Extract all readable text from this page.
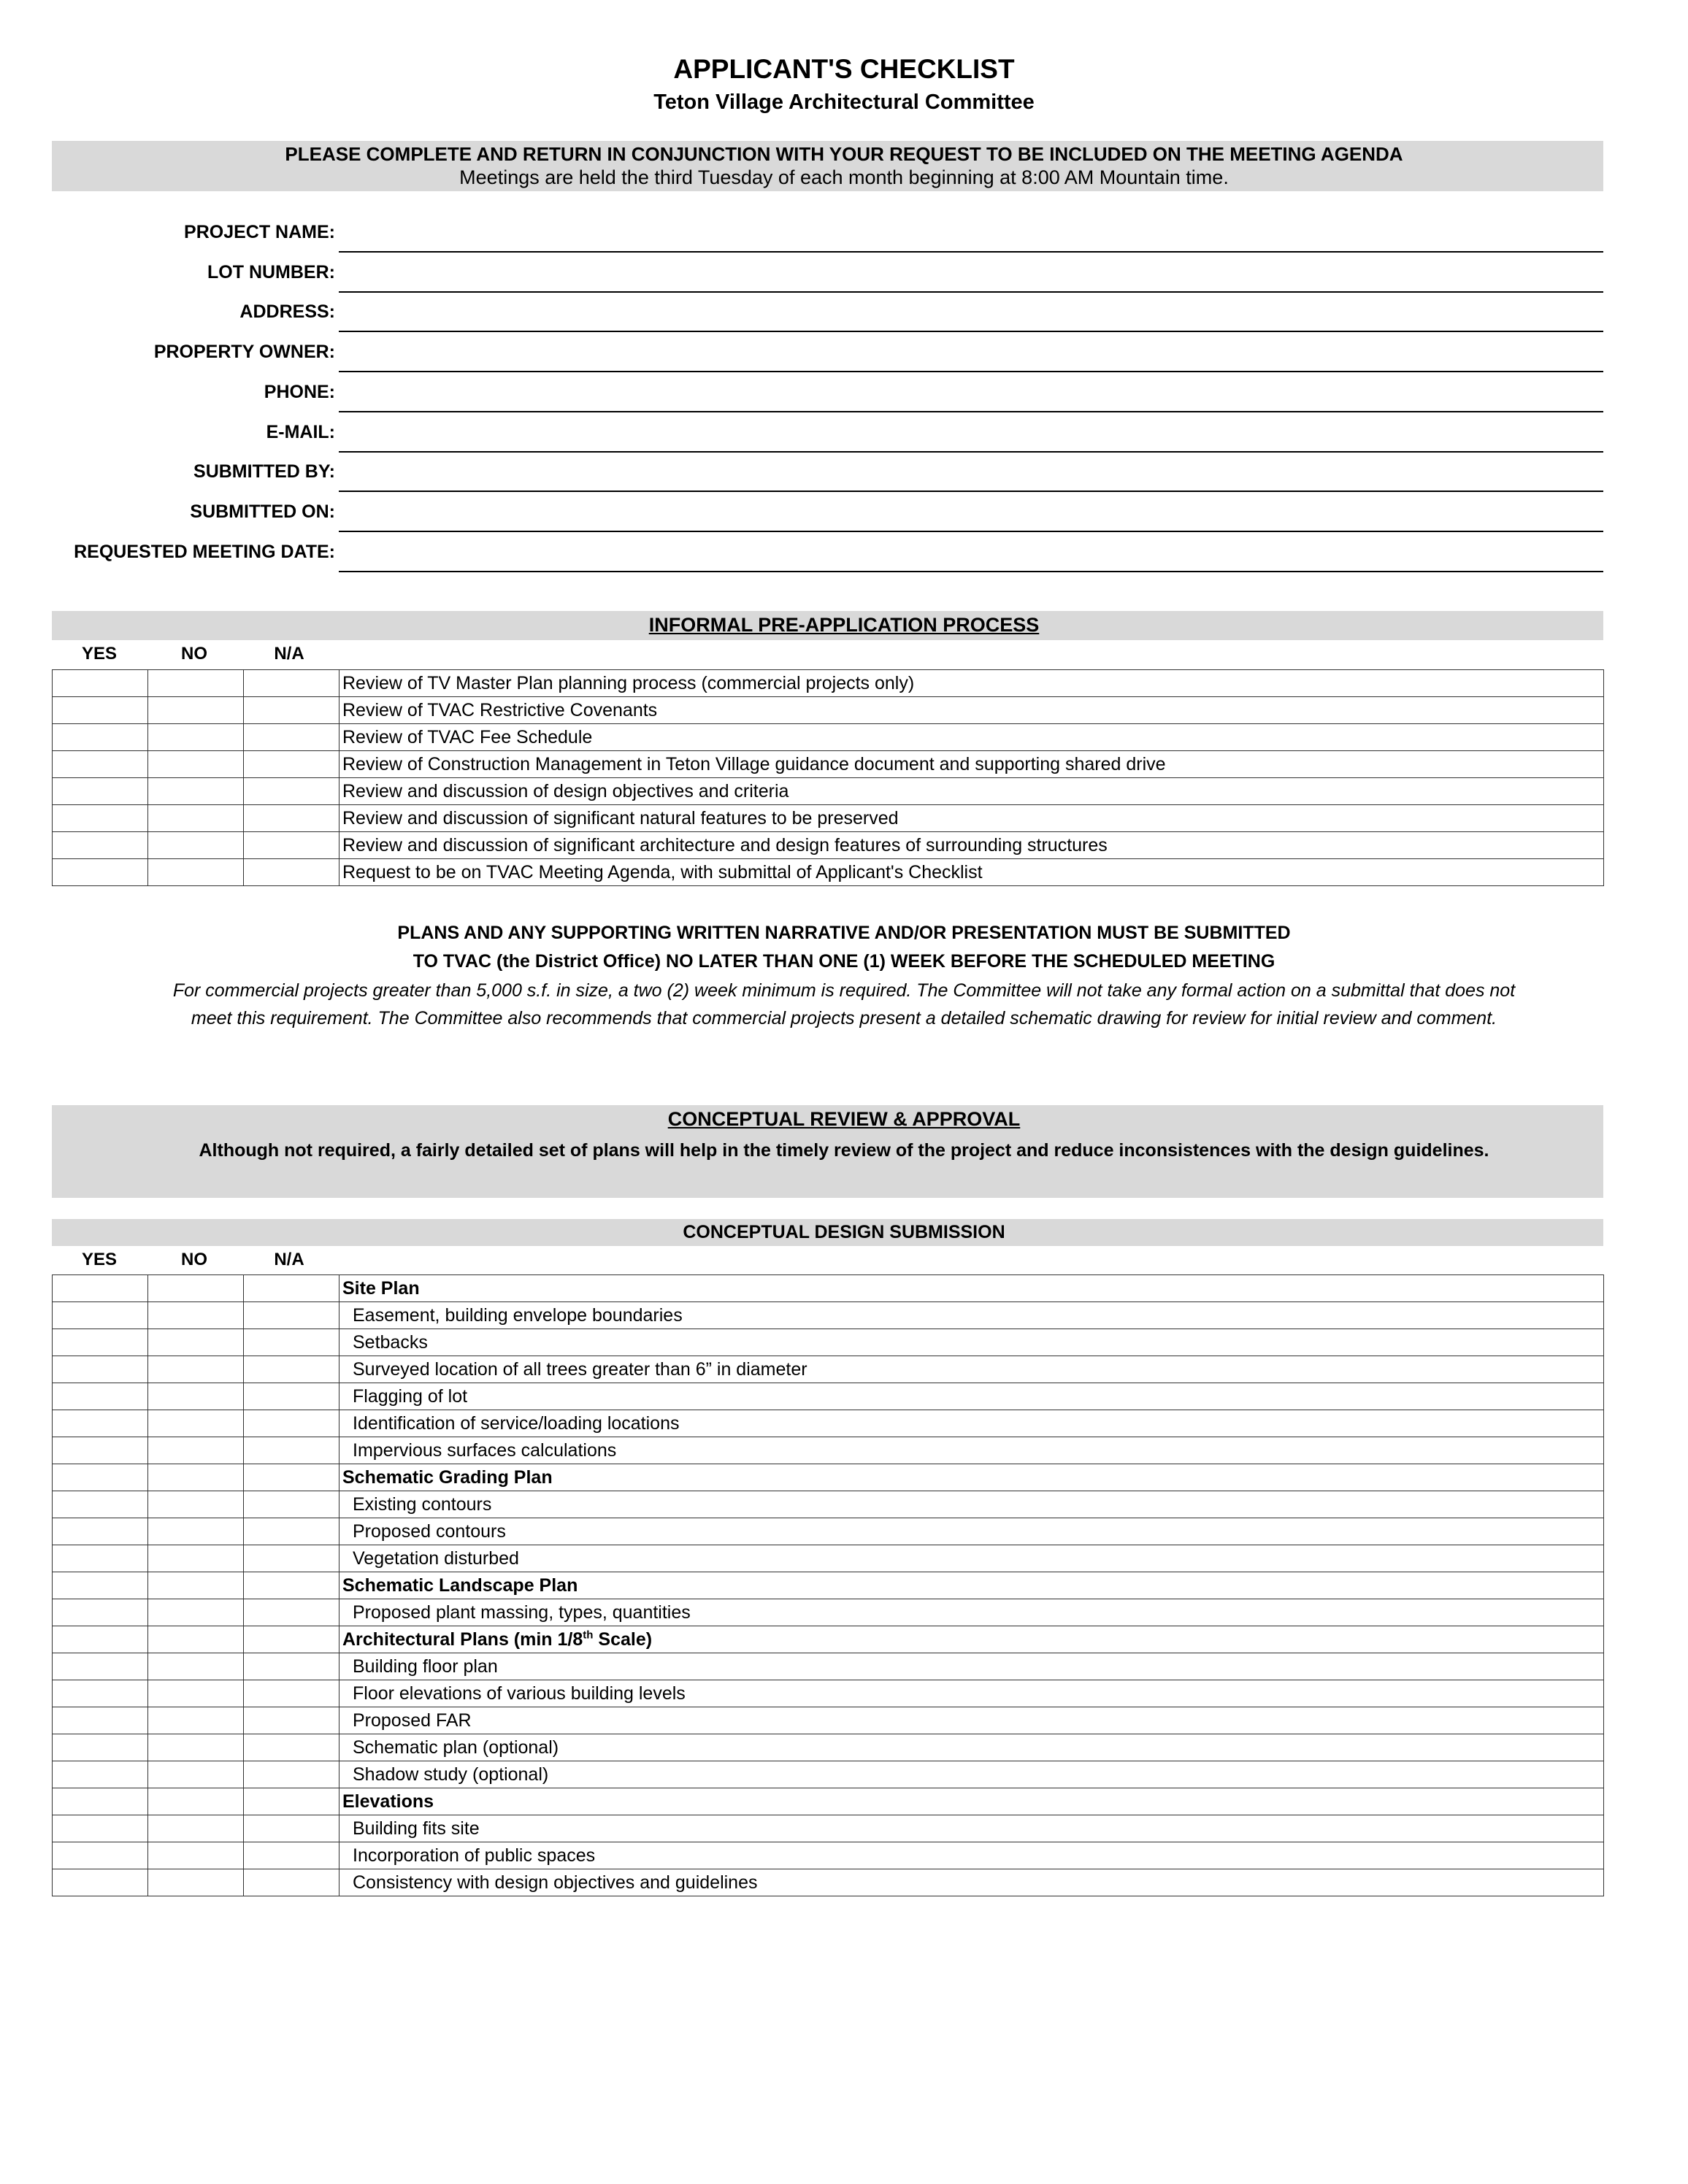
APPLICANT'S CHECKLIST
Teton Village Architectural Committee
PLEASE COMPLETE AND RETURN IN CONJUNCTION WITH YOUR REQUEST TO BE INCLUDED ON THE MEETING AGENDA
Meetings are held the third Tuesday of each month beginning at 8:00 AM Mountain time.
PROJECT NAME:
LOT NUMBER:
ADDRESS:
PROPERTY OWNER:
PHONE:
E-MAIL:
SUBMITTED BY:
SUBMITTED ON:
REQUESTED MEETING DATE:
INFORMAL PRE-APPLICATION PROCESS
YES	NO	N/A
			Review of TV Master Plan planning process (commercial projects only)
			Review of TVAC Restrictive Covenants
			Review of TVAC Fee Schedule
			Review of Construction Management in Teton Village guidance document and supporting shared drive
			Review and discussion of design objectives and criteria
			Review and discussion of significant natural features to be preserved
			Review and discussion of significant architecture and design features of surrounding structures
			Request to be on TVAC Meeting Agenda, with submittal of Applicant's Checklist
PLANS AND ANY SUPPORTING WRITTEN NARRATIVE AND/OR PRESENTATION MUST BE SUBMITTED
TO TVAC (the District Office) NO LATER THAN ONE (1) WEEK BEFORE THE SCHEDULED MEETING
For commercial projects greater than 5,000 s.f. in size, a two (2) week minimum is required. The Committee will not take any formal action on a submittal that does not
meet this requirement. The Committee also recommends that commercial projects present a detailed schematic drawing for review for initial review and comment.
CONCEPTUAL REVIEW & APPROVAL
Although not required, a fairly detailed set of plans will help in the timely review of the project and reduce inconsistences with the design guidelines.
CONCEPTUAL DESIGN SUBMISSION
YES	NO	N/A
			Site Plan
			Easement, building envelope boundaries
			Setbacks
			Surveyed location of all trees greater than 6” in diameter
			Flagging of lot
			Identification of service/loading locations
			Impervious surfaces calculations
			Schematic Grading Plan
			Existing contours
			Proposed contours
			Vegetation disturbed
			Schematic Landscape Plan
			Proposed plant massing, types, quantities
			Architectural Plans (min 1/8th Scale)
			Building floor plan
			Floor elevations of various building levels
			Proposed FAR
			Schematic plan (optional)
			Shadow study (optional)
			Elevations
			Building fits site
			Incorporation of public spaces
			Consistency with design objectives and guidelines
